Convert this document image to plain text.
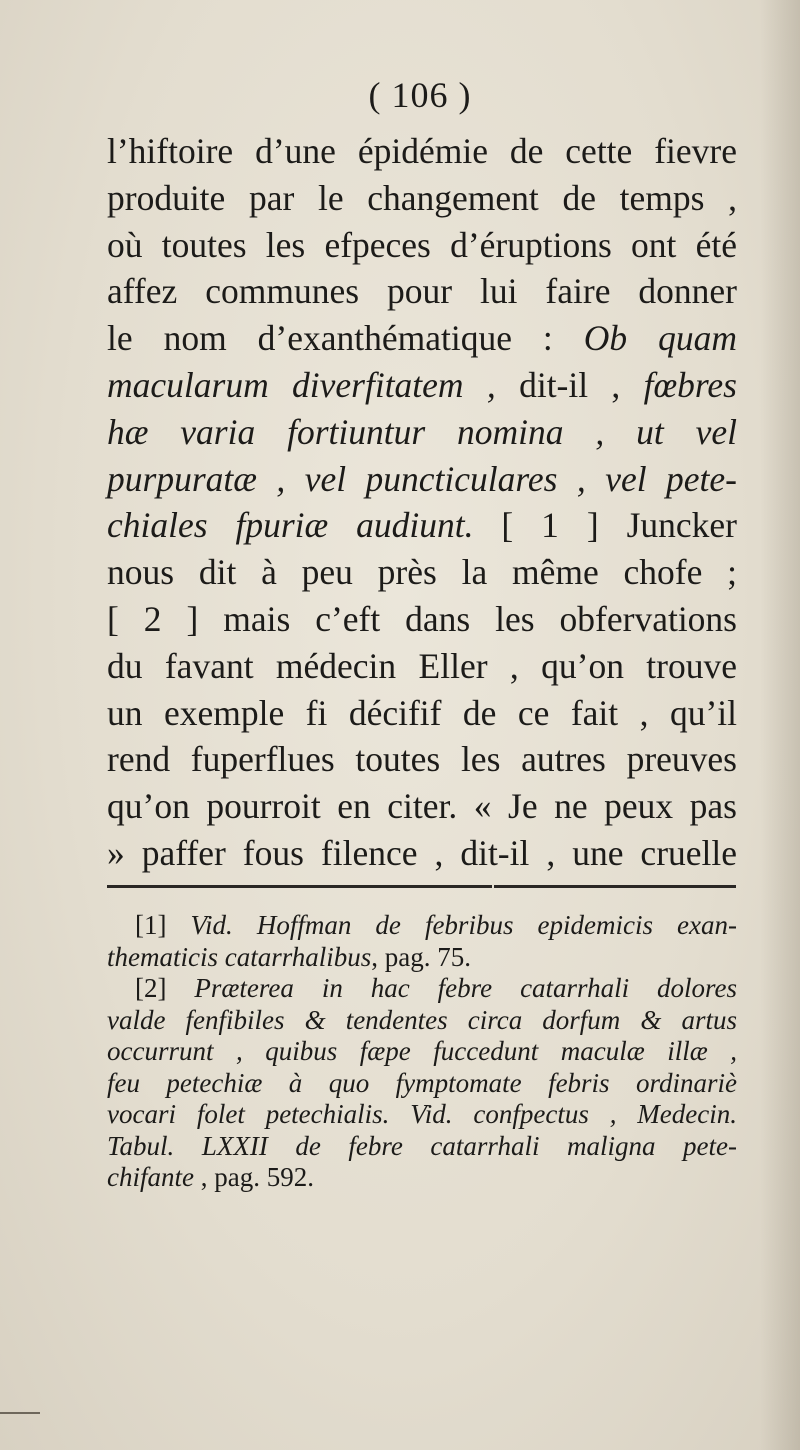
( 106 )
l’hiftoire d’une épidémie de cette fievre
produite par le changement de temps ,
où toutes les efpeces d’éruptions ont été
affez communes pour lui faire donner
le nom d’exanthématique : Ob quam
macularum diverfitatem , dit-il , fœbres
hæ varia fortiuntur nomina , ut vel
purpuratæ , vel puncticulares , vel pete-
chiales fpuriæ audiunt. [ 1 ] Juncker
nous dit à peu près la même chofe ;
[ 2 ] mais c’eft dans les obfervations
du favant médecin Eller , qu’on trouve
un exemple fi décifif de ce fait , qu’il
rend fuperflues toutes les autres preuves
qu’on pourroit en citer. « Je ne peux pas
» paffer fous filence , dit-il , une cruelle
[1] Vid. Hoffman de febribus epidemicis exan-
thematicis catarrhalibus, pag. 75.
[2] Præterea in hac febre catarrhali dolores
valde fenfibiles & tendentes circa dorfum & artus
occurrunt , quibus fæpe fuccedunt maculæ illæ ,
feu petechiæ à quo fymptomate febris ordinariè
vocari folet petechialis. Vid. confpectus , Medecin.
Tabul. LXXII de febre catarrhali maligna pete-
chifante , pag. 592.
